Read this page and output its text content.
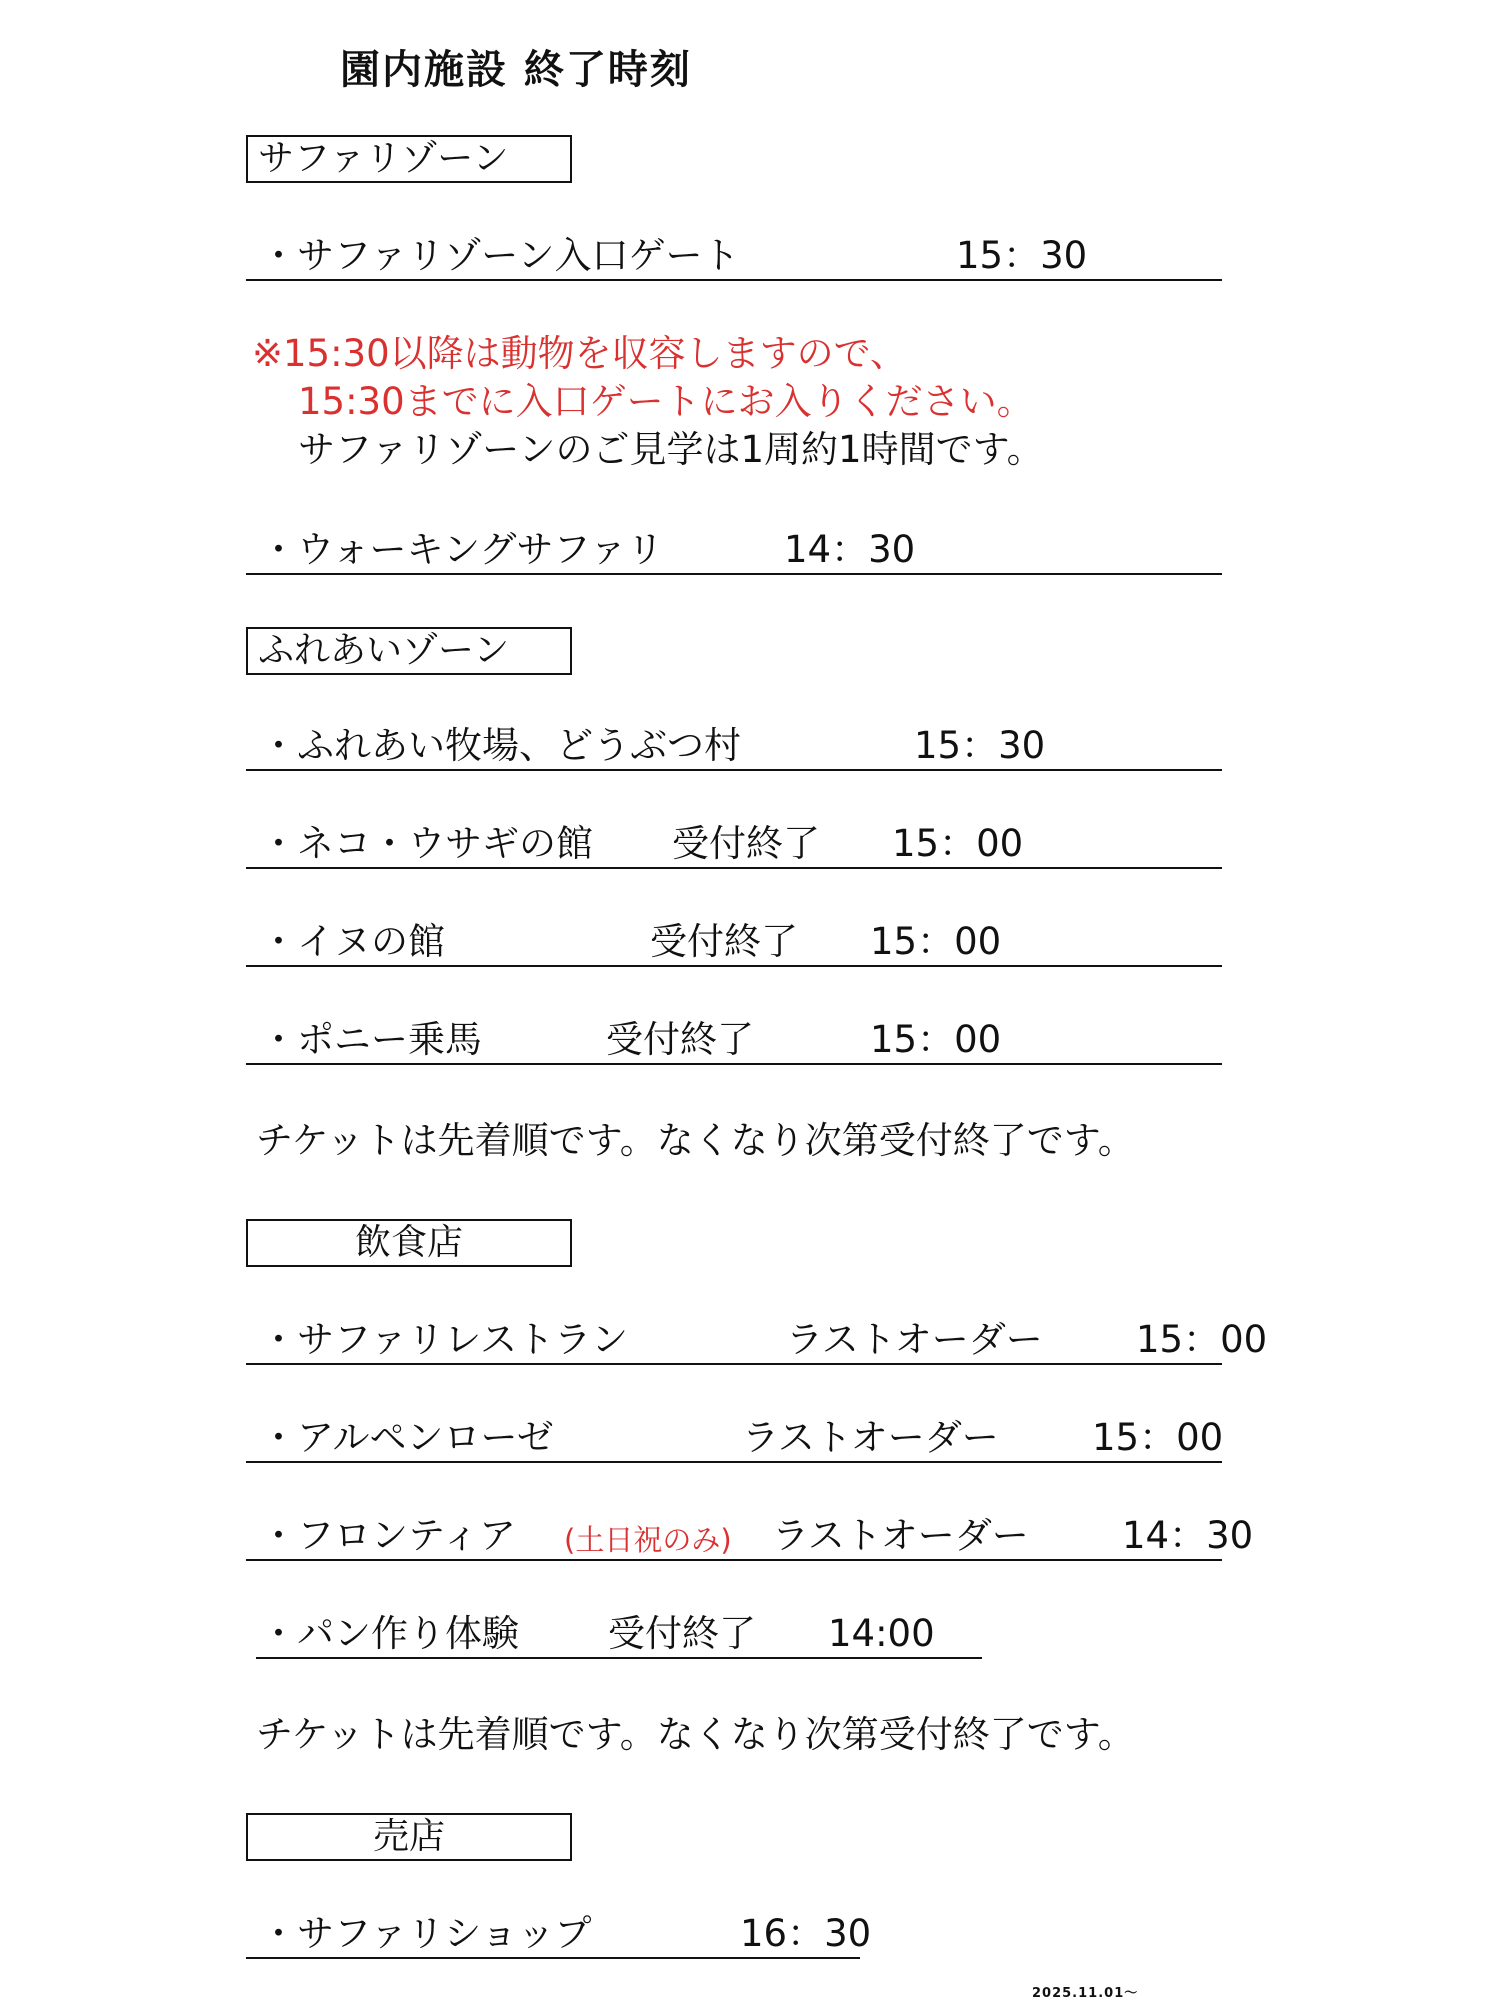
園内施設 終了時刻
サファリゾーン
・サファリゾーン入口ゲート	15：30
※15:30以降は動物を収容しますので、
15:30までに入口ゲートにお入りください。
サファリゾーンのご見学は1周約1時間です。
・ウォーキングサファリ	14：30
ふれあいゾーン
・ふれあい牧場、どうぶつ村	15：30
・ネコ・ウサギの館 受付終了 15：00
・イヌの館	受付終了 15：00
・ポニー乗馬	受付終了	15：00
チケットは先着順です。なくなり次第受付終了です。
飲食店
・サファリレストラン	ラストオーダー	15：00
・アルペンローゼ	ラストオーダー	15：00
・フロンティア (土日祝のみ) ラストオーダー	14：30
・パン作り体験 受付終了 14:00
チケットは先着順です。なくなり次第受付終了です。
売店
・サファリショップ	16：30
2025.11.01～
